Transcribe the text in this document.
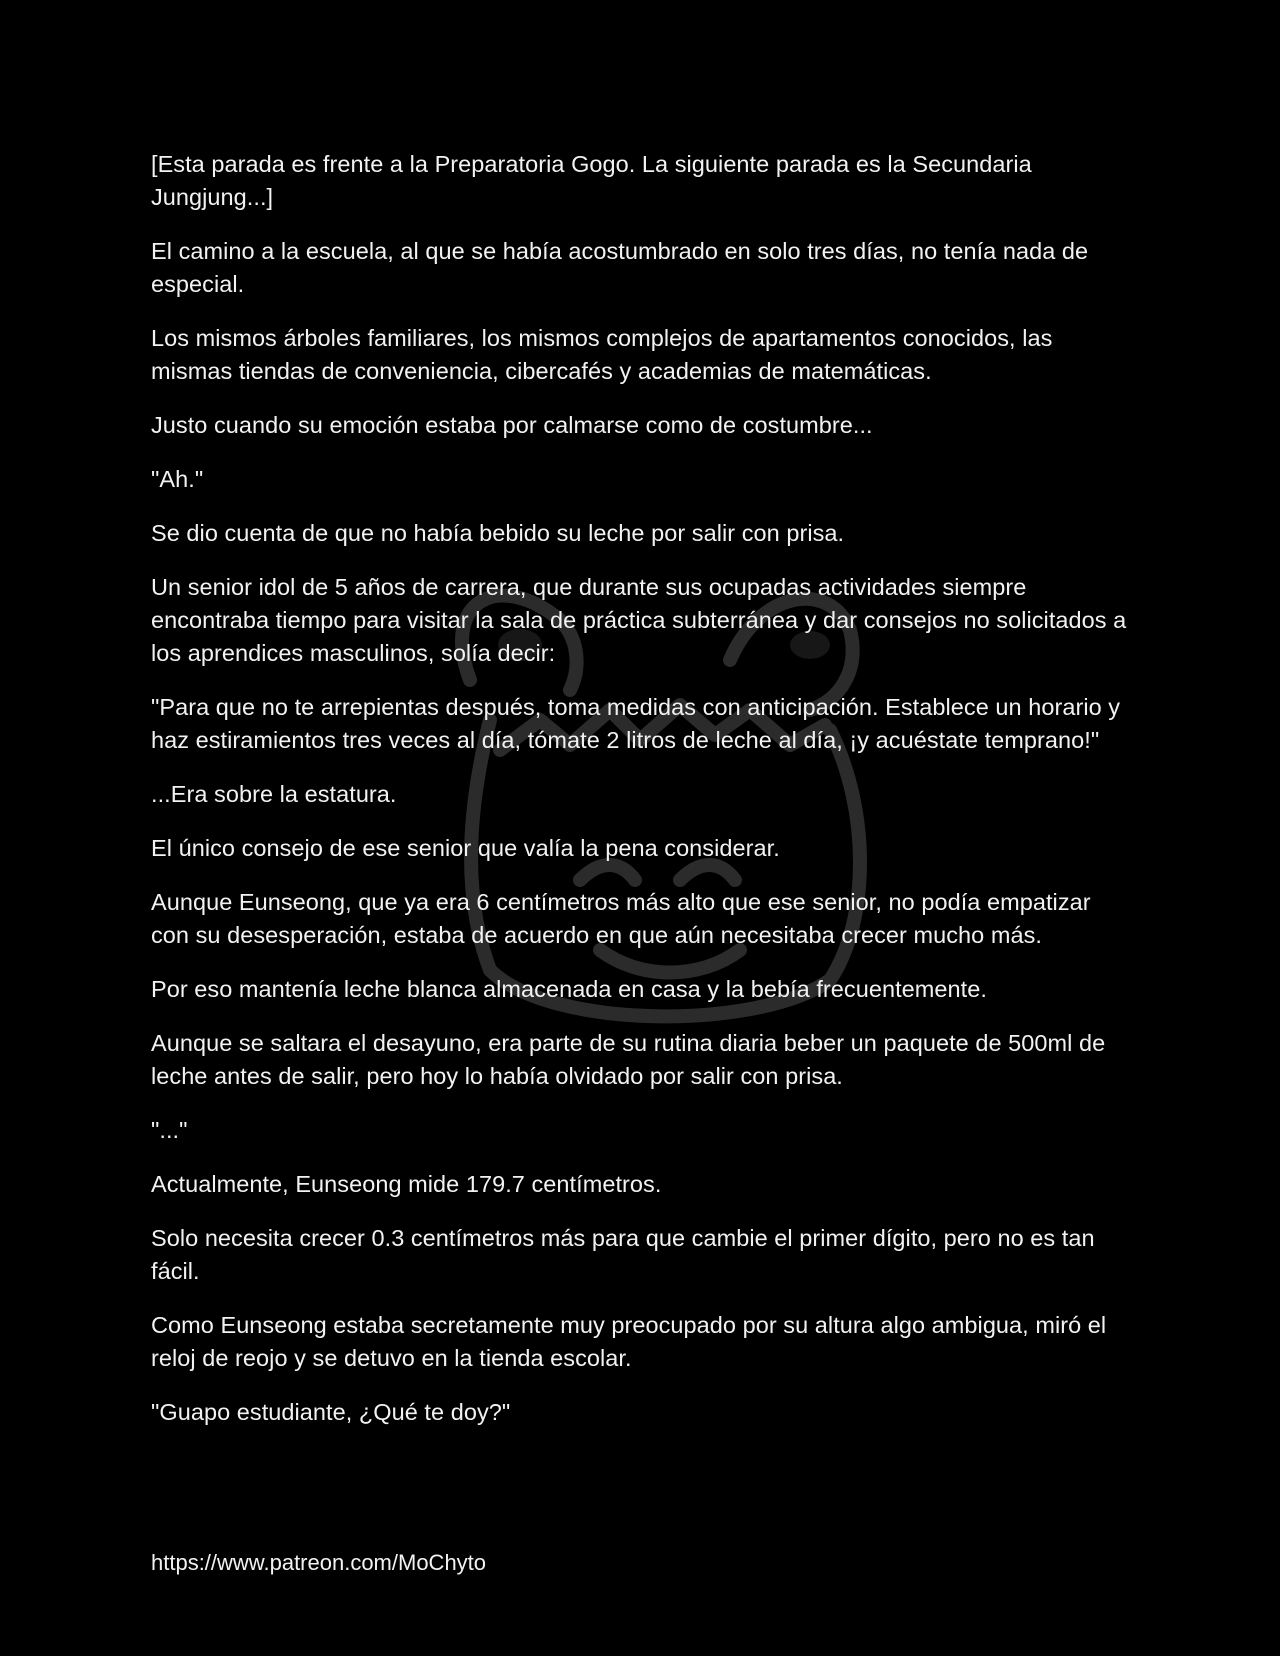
[Esta parada es frente a la Preparatoria Gogo. La siguiente parada es la Secundaria Jungjung...]

El camino a la escuela, al que se había acostumbrado en solo tres días, no tenía nada de especial.

Los mismos árboles familiares, los mismos complejos de apartamentos conocidos, las mismas tiendas de conveniencia, cibercafés y academias de matemáticas.

Justo cuando su emoción estaba por calmarse como de costumbre...

"Ah."

Se dio cuenta de que no había bebido su leche por salir con prisa.

Un senior idol de 5 años de carrera, que durante sus ocupadas actividades siempre encontraba tiempo para visitar la sala de práctica subterránea y dar consejos no solicitados a los aprendices masculinos, solía decir:

"Para que no te arrepientas después, toma medidas con anticipación. Establece un horario y haz estiramientos tres veces al día, tómate 2 litros de leche al día, ¡y acuéstate temprano!"

...Era sobre la estatura.

El único consejo de ese senior que valía la pena considerar.

Aunque Eunseong, que ya era 6 centímetros más alto que ese senior, no podía empatizar con su desesperación, estaba de acuerdo en que aún necesitaba crecer mucho más.

Por eso mantenía leche blanca almacenada en casa y la bebía frecuentemente.

Aunque se saltara el desayuno, era parte de su rutina diaria beber un paquete de 500ml de leche antes de salir, pero hoy lo había olvidado por salir con prisa.

"..."

Actualmente, Eunseong mide 179.7 centímetros.

Solo necesita crecer 0.3 centímetros más para que cambie el primer dígito, pero no es tan fácil.

Como Eunseong estaba secretamente muy preocupado por su altura algo ambigua, miró el reloj de reojo y se detuvo en la tienda escolar.

"Guapo estudiante, ¿Qué te doy?"

https://www.patreon.com/MoChyto
